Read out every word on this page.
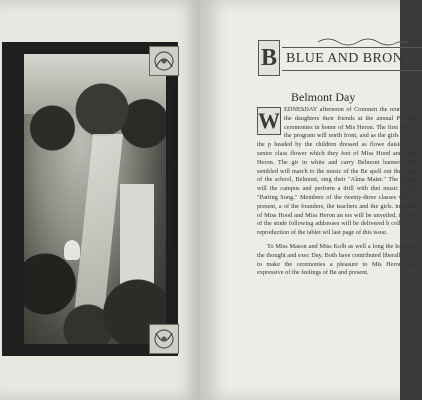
LOOKING ACROSS BELMONT PARK FROM THE SOUTH PLAZA
B BLUE AND BRON
Belmont Day
W EDNESDAY afternoon of Commen the reunion of the daughters their friends at the annual Par cial ceremonies in honor of Mis Heron. The first part of the program will north front, and as the girls go out the p headed by the children dressed as flowe daisies, the senior class flower which they feet of Miss Hood and Miss Heron. The gir in white and carry Belmont banners, and sembled will march to the music of the Be spell out the name of the school, Belmont, sing their "Alma Mater." The school will the campus and perform a drill with thei music of the "Parting Song." Members of the twenty-three classes will be present, a of the founders, the teachers and the girls. in honor of Miss Hood and Miss Heron an ers will be unveiled, the gift of the stude following addresses will be delivered b college. A reproduction of the tablet wil last page of this issue.

To Miss Mason and Miss Kolb as well a long the honor of the thought and exec Day. Both have contributed liberally of th to make the ceremonies a pleasure to Mis Heron, and expressive of the feelings of Be and present.
